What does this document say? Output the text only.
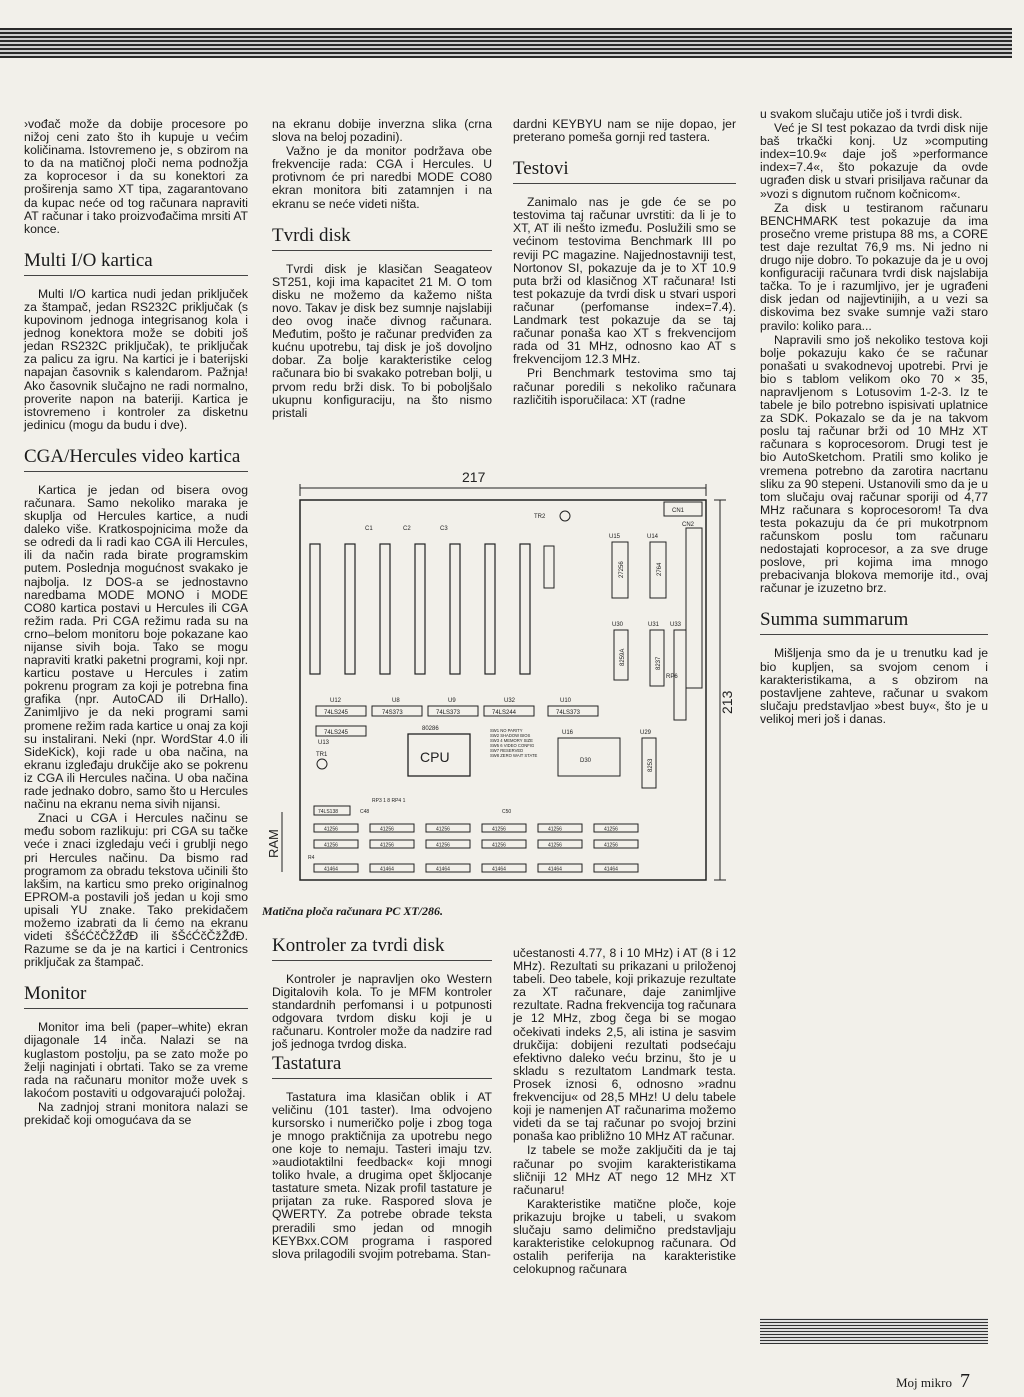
›vođač može da dobije procesore po nižoj ceni zato što ih kupuje u većim količinama. Istovremeno je, s obzirom na to da na matičnoj ploči nema podnožja za koprocesor i da su konektori za proširenja samo XT tipa, zagarantovano da kupac neće od tog računara napraviti AT računar i tako proizvođačima mrsiti AT konce.

Multi I/O kartica

Multi I/O kartica nudi jedan priključek za štampač, jedan RS232C priključak (s kupovinom jednoga integrisanog kola i jednog konektora može se dobiti još jedan RS232C priključak), te priključak za palicu za igru. Na kartici je i baterijski napajan časovnik s kalendarom. Pažnja! Ako časovnik slučajno ne radi normalno, proverite napon na bateriji. Kartica je istovremeno i kontroler za disketnu jedinicu (mogu da budu i dve).

CGA/Hercules video kartica

Kartica je jedan od bisera ovog računara. Samo nekoliko maraka je skuplja od Hercules kartice, a nudi daleko više. Kratkospojnicima može da se odredi da li radi kao CGA ili Hercules, ili da način rada birate programskim putem. Poslednja mogućnost svakako je najbolja. Iz DOS-a se jednostavno naredbama MODE MONO i MODE CO80 kartica postavi u Hercules ili CGA režim rada. Pri CGA režimu rada su na crno–belom monitoru boje pokazane kao nijanse sivih boja. Tako se mogu napraviti kratki paketni programi, koji npr. karticu postave u Hercules i zatim pokrenu program za koji je potrebna fina grafika (npr. AutoCAD ili DrHallo). Zanimljivo je da neki programi sami promene režim rada kartice u onaj za koji su instalirani. Neki (npr. WordStar 4.0 ili SideKick), koji rade u oba načina, na ekranu izgleđaju drukčije ako se pokrenu iz CGA ili Hercules načina. U oba načina rade jednako dobro, samo što u Hercules načinu na ekranu nema sivih nijansi.

Znaci u CGA i Hercules načinu se među sobom razlikuju: pri CGA su tačke veće i znaci izgledaju veći i grublji nego pri Hercules načinu. Da bismo rad programom za obradu tekstova učinili što lakšim, na karticu smo preko originalnog EPROM-a postavili još jedan u koji smo upisali YU znake. Tako prekidačem možemo izabrati da li ćemo na ekranu videti šŠćĆčČžŽđĐ ili šŠćĆčČžŽđĐ. Razume se da je na kartici i Centronics priključak za štampač.

Monitor

Monitor ima beli (paper–white) ekran dijagonale 14 inča. Nalazi se na kuglastom postolju, pa se zato može po želji naginjati i obrtati. Tako se za vreme rada na računaru monitor može uvek s lakoćom postaviti u odgovarajući položaj.

Na zadnjoj strani monitora nalazi se prekidač koji omogućava da se

na ekranu dobije inverzna slika (crna slova na beloj pozadini).

Važno je da monitor podržava obe frekvencije rada: CGA i Hercules. U protivnom će pri naredbi MODE CO80 ekran monitora biti zatamnjen i na ekranu se neće videti ništa.

Tvrdi disk

Tvrdi disk je klasičan Seagateov ST251, koji ima kapacitet 21 M. O tom disku ne možemo da kažemo ništa novo. Takav je disk bez sumnje najslabiji deo ovog inače divnog računara. Međutim, pošto je računar predviđen za kućnu upotrebu, taj disk je još dovoljno dobar. Za bolje karakteristike celog računara bio bi svakako potreban bolji, u prvom redu brži disk. To bi poboljšalo ukupnu konfiguraciju, na što nismo pristali

dardni KEYBYU nam se nije dopao, jer preterano pomeša gornji red tastera.

Testovi

Zanimalo nas je gde će se po testovima taj računar uvrstiti: da li je to XT, AT ili nešto između. Poslužili smo se većinom testovima Benchmark III po reviji PC magazine. Najjednostavniji test, Nortonov SI, pokazuje da je to XT 10.9 puta brži od klasičnog XT računara! Isti test pokazuje da tvrdi disk u stvari uspori računar (perfomanse index=7.4). Landmark test pokazuje da se taj računar ponaša kao XT s frekvencijom rada od 31 MHz, odnosno kao AT s frekvencijom 12.3 MHz.

Pri Benchmark testovima smo taj računar poredili s nekoliko računara različitih isporučilaca: XT (radne

u svakom slučaju utiče još i tvrdi disk.

Već je SI test pokazao da tvrdi disk nije baš trkački konj. Uz »computing index=10.9« daje još »performance index=7.4«, što pokazuje da ovde ugrađen disk u stvari prisiljava računar da »vozi s dignutom ručnom kočnicom«.

Za disk u testiranom računaru BENCHMARK test pokazuje da ima prosečno vreme pristupa 88 ms, a CORE test daje rezultat 76,9 ms. Ni jedno ni drugo nije dobro. To pokazuje da je u ovoj konfiguraciji računara tvrdi disk najslabija tačka. To je i razumljivo, jer je ugrađeni disk jedan od najjevtinijih, a u vezi sa diskovima bez svake sumnje važi staro pravilo: koliko para...

Napravili smo još nekoliko testova koji bolje pokazuju kako će se računar ponašati u svakodnevoj upotrebi. Prvi je bio s tablom velikom oko 70 × 35, napravljenom s Lotusovim 1-2-3. Iz te tabele je bilo potrebno ispisivati uplatnice za SDK. Pokazalo se da je na takvom poslu taj računar brži od 10 MHz XT računara s koprocesorom. Drugi test je bio AutoSketchom. Pratili smo koliko je vremena potrebno da zarotira nacrtanu sliku za 90 stepeni. Ustanovili smo da je u tom slučaju ovaj računar sporiji od 4,77 MHz računara s koprocesorom! Ta dva testa pokazuju da će pri mukotrpnom računskom poslu tom računaru nedostajati koprocesor, a za sve druge poslove, pri kojima ima mnogo prebacivanja blokova memorije itd., ovaj računar je izuzetno brz.

Summa summarum

Mišljenja smo da je u trenutku kad je bio kupljen, sa svojom cenom i karakteristikama, a s obzirom na postavljene zahteve, računar u svakom slučaju predstavljao »best buy«, što je u velikoj meri još i danas.

217
213
RAM
C1	C2	C3
TR2
CN1
CN2
U15	U14
27256	2764
U30	U31 U33
8259A	8237
RP6
U12	U8	U9	U32	U10
74LS245	74S373	74LS373	74LS244	74LS373
74LS245
U13
80286
CPU
TR1
SW1 NO PARITY SW2 SHADOW BIOS SW3 4 MEMORY SIZE SW5 6 VIDEO CONFIG SW7 RESERVED SW8 ZERO WAIT STATE
U16
D30
U29
8253
RP3 1 8 RP4 1
74LS138	C48	C50
R4
41256	41256	41256	41256	41256	41256
41256	41256	41256	41256	41256	41256
41464	41464	41464	41464	41464	41464
Matična ploča računara PC XT/286.
Kontroler za tvrdi disk

Kontroler je napravljen oko Western Digitalovih kola. To je MFM kontroler standardnih perfomansi i u potpunosti odgovara tvrdom disku koji je u računaru. Kontroler može da nadzire rad još jednoga tvrdog diska.

Tastatura

Tastatura ima klasičan oblik i AT veličinu (101 taster). Ima odvojeno kursorsko i numeričko polje i zbog toga je mnogo praktičnija za upotrebu nego one koje to nemaju. Tasteri imaju tzv. »audiotaktilni feedback« koji mnogi toliko hvale, a drugima opet škljocanje tastature smeta. Nizak profil tastature je prijatan za ruke. Raspored slova je QWERTY. Za potrebe obrade teksta preradili smo jedan od mnogih KEYBxx.COM programa i raspored slova prilagodili svojim potrebama. Stan-

učestanosti 4.77, 8 i 10 MHz) i AT (8 i 12 MHz). Rezultati su prikazani u priloženoj tabeli. Deo tabele, koji prikazuje rezultate za XT računare, daje zanimljive rezultate. Radna frekvencija tog računara je 12 MHz, zbog čega bi se mogao očekivati indeks 2,5, ali istina je sasvim drukčija: dobijeni rezultati podsećaju efektivno daleko veću brzinu, što je u skladu s rezultatom Landmark testa. Prosek iznosi 6, odnosno »radnu frekvenciju« od 28,5 MHz! U delu tabele koji je namenjen AT računarima možemo videti da se taj računar po svojoj brzini ponaša kao približno 10 MHz AT računar.

Iz tabele se može zaključiti da je taj računar po svojim karakteristikama sličniji 12 MHz AT nego 12 MHz XT računaru!

Karakteristike matične ploče, koje prikazuju brojke u tabeli, u svakom slučaju samo delimično predstavljaju karakteristike celokupnog računara. Od ostalih periferija na karakteristike celokupnog računara

Moj mikro 7
